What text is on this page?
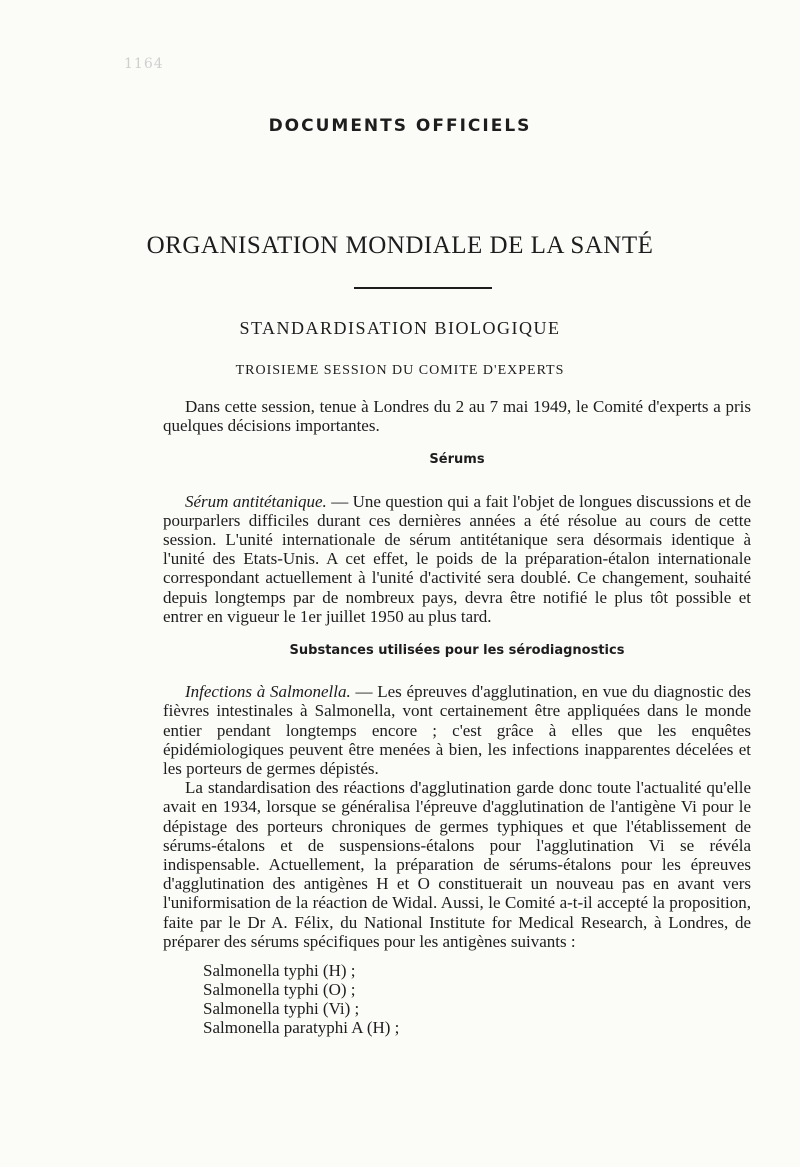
1164
DOCUMENTS OFFICIELS
ORGANISATION MONDIALE DE LA SANTÉ
STANDARDISATION BIOLOGIQUE
TROISIEME SESSION DU COMITE D'EXPERTS

Dans cette session, tenue à Londres du 2 au 7 mai 1949, le Comité d'experts a pris quelques décisions importantes.

Sérums

Sérum antitétanique. — Une question qui a fait l'objet de longues discussions et de pourparlers difficiles durant ces dernières années a été résolue au cours de cette session. L'unité internationale de sérum antitétanique sera désormais identique à l'unité des Etats-Unis. A cet effet, le poids de la préparation-étalon internationale correspondant actuellement à l'unité d'activité sera doublé. Ce changement, souhaité depuis longtemps par de nombreux pays, devra être notifié le plus tôt possible et entrer en vigueur le 1er juillet 1950 au plus tard.

Substances utilisées pour les sérodiagnostics

Infections à Salmonella. — Les épreuves d'agglutination, en vue du diagnostic des fièvres intestinales à Salmonella, vont certainement être appliquées dans le monde entier pendant longtemps encore ; c'est grâce à elles que les enquêtes épidémiologiques peuvent être menées à bien, les infections inapparentes décelées et les porteurs de germes dépistés.

La standardisation des réactions d'agglutination garde donc toute l'actualité qu'elle avait en 1934, lorsque se généralisa l'épreuve d'agglutination de l'antigène Vi pour le dépistage des porteurs chroniques de germes typhiques et que l'établissement de sérums-étalons et de suspensions-étalons pour l'agglutination Vi se révéla indispensable. Actuellement, la préparation de sérums-étalons pour les épreuves d'agglutination des antigènes H et O constituerait un nouveau pas en avant vers l'uniformisation de la réaction de Widal. Aussi, le Comité a-t-il accepté la proposition, faite par le Dr A. Félix, du National Institute for Medical Research, à Londres, de préparer des sérums spécifiques pour les antigènes suivants :

Salmonella typhi (H) ;
Salmonella typhi (O) ;
Salmonella typhi (Vi) ;
Salmonella paratyphi A (H) ;
